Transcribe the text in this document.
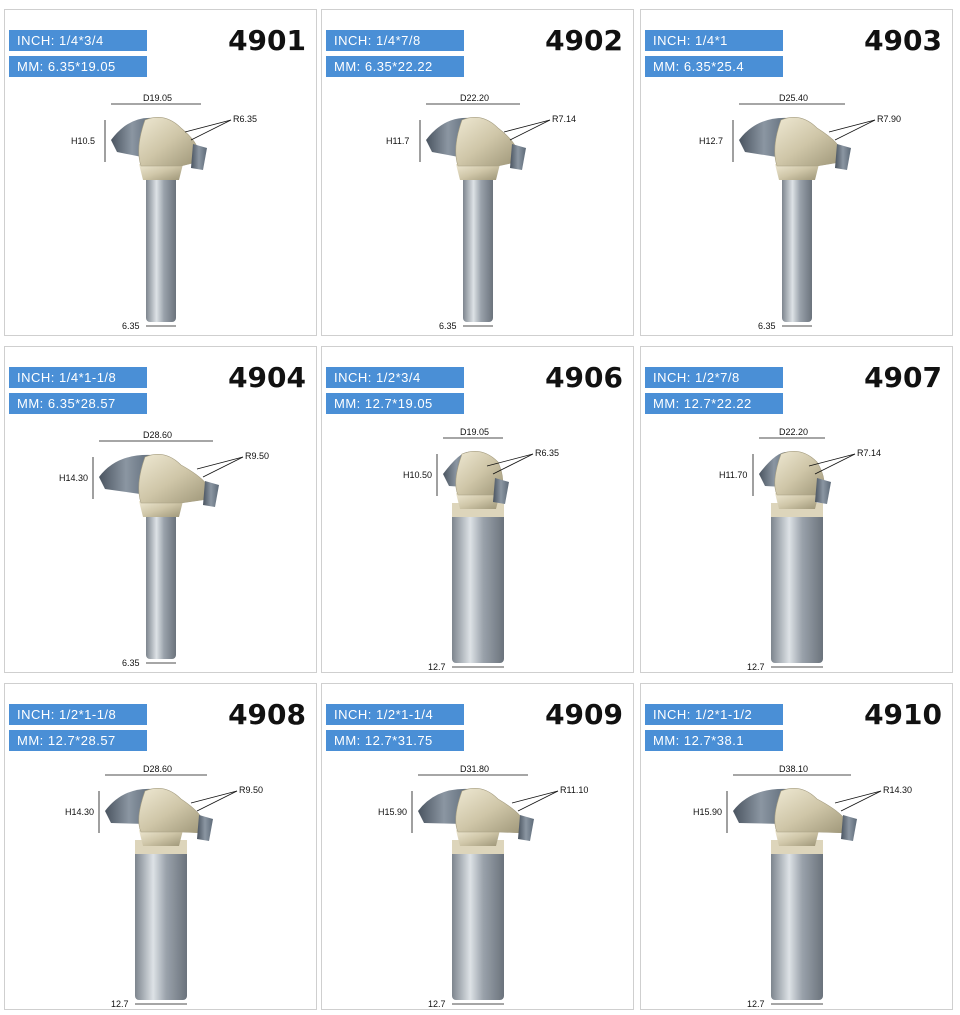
INCH: 1/4*3/4
MM: 6.35*19.05
4901
D19.05
R6.35
H10.5
6.35
INCH: 1/4*7/8
MM: 6.35*22.22
4902
D22.20
R7.14
H11.7
6.35
INCH: 1/4*1
MM: 6.35*25.4
4903
D25.40
R7.90
H12.7
6.35
INCH: 1/4*1-1/8
MM: 6.35*28.57
4904
D28.60
R9.50
H14.30
6.35
INCH: 1/2*3/4
MM: 12.7*19.05
4906
D19.05
R6.35
H10.50
12.7
INCH: 1/2*7/8
MM: 12.7*22.22
4907
D22.20
R7.14
H11.70
12.7
INCH: 1/2*1-1/8
MM: 12.7*28.57
4908
D28.60
R9.50
H14.30
12.7
INCH: 1/2*1-1/4
MM: 12.7*31.75
4909
D31.80
R11.10
H15.90
12.7
INCH: 1/2*1-1/2
MM: 12.7*38.1
4910
D38.10
R14.30
H15.90
12.7
